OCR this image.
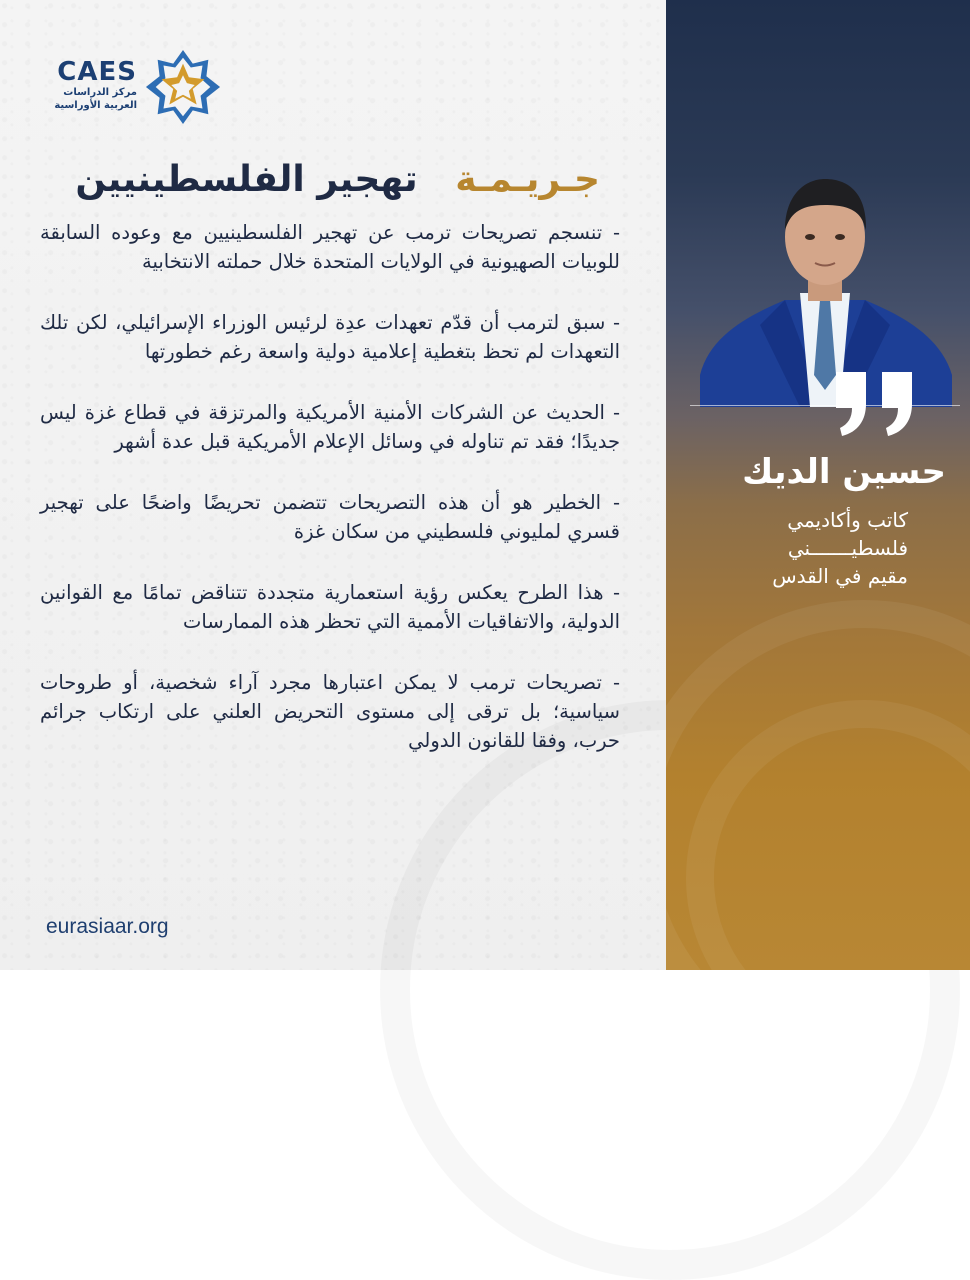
CAES
مركز الدراسات
العربية الأوراسية
جـريـمـة   تهجير الفلسطينيين

- تنسجم تصريحات ترمب عن تهجير الفلسطينيين مع وعوده السابقة للوبيات الصهيونية في الولايات المتحدة خلال حملته الانتخابية

- سبق لترمب أن قدّم تعهدات عدِة لرئيس الوزراء الإسرائيلي، لكن تلك التعهدات لم تحظ بتغطية إعلامية دولية واسعة رغم خطورتها

- الحديث عن الشركات الأمنية الأمريكية والمرتزقة في قطاع غزة ليس جديدًا؛ فقد تم تناوله في وسائل الإعلام الأمريكية قبل عدة أشهر

- الخطير هو أن هذه التصريحات تتضمن تحريضًا واضحًا على تهجير قسري لمليوني فلسطيني من سكان غزة

- هذا الطرح يعكس رؤية استعمارية متجددة تتناقض تمامًا مع القوانين الدولية، والاتفاقيات الأممية التي تحظر هذه الممارسات

- تصريحات ترمب لا يمكن اعتبارها مجرد آراء شخصية، أو طروحات سياسية؛ بل ترقى إلى مستوى التحريض العلني على ارتكاب جرائم حرب، وفقا للقانون الدولي

eurasiaar.org
حسين الديك
كاتب وأكاديمي
فلسطيـــــــني
مقيم في القدس
